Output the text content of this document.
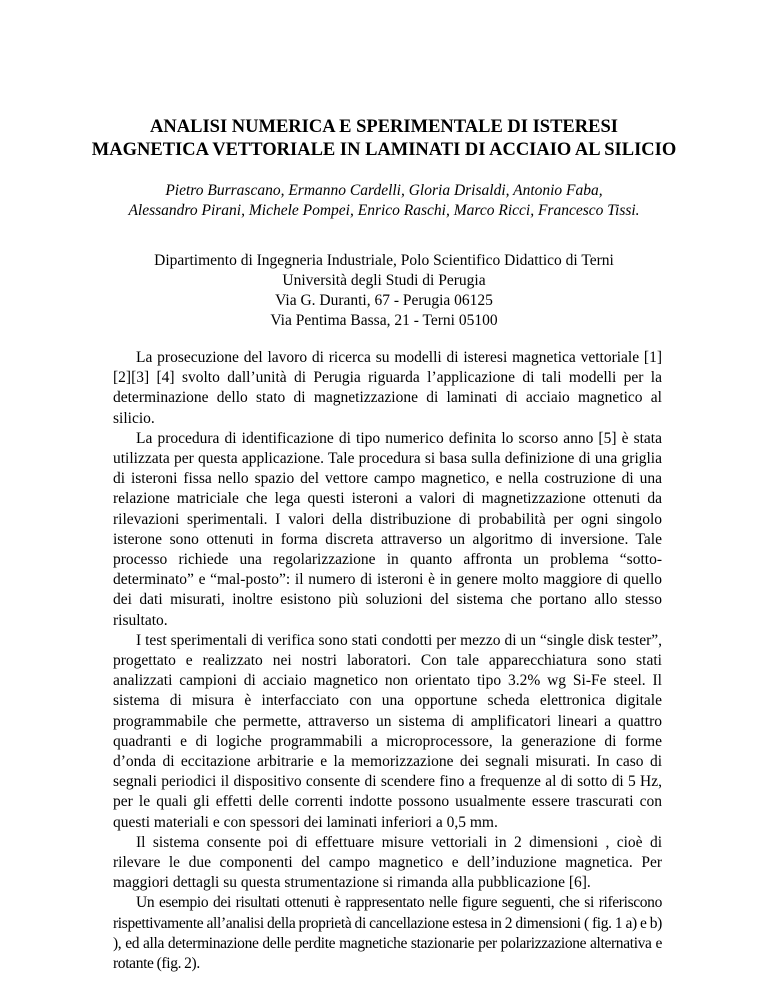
ANALISI NUMERICA E SPERIMENTALE DI ISTERESI
MAGNETICA VETTORIALE IN LAMINATI DI ACCIAIO AL SILICIO
Pietro Burrascano, Ermanno Cardelli, Gloria Drisaldi, Antonio Faba,
Alessandro Pirani, Michele Pompei, Enrico Raschi, Marco Ricci, Francesco Tissi.
Dipartimento di Ingegneria Industriale, Polo Scientifico Didattico di Terni
Università degli Studi di Perugia
Via G. Duranti, 67 - Perugia 06125
Via Pentima Bassa, 21 - Terni 05100

La prosecuzione del lavoro di ricerca su modelli di isteresi magnetica vettoriale [1][2][3] [4] svolto dall’unità di Perugia riguarda l’applicazione di tali modelli per la determinazione dello stato di magnetizzazione di laminati di acciaio magnetico al silicio.

La procedura di identificazione di tipo numerico definita lo scorso anno [5] è stata utilizzata per questa applicazione. Tale procedura si basa sulla definizione di una griglia di isteroni fissa nello spazio del vettore campo magnetico, e nella costruzione di una relazione matriciale che lega questi isteroni a valori di magnetizzazione ottenuti da rilevazioni sperimentali. I valori della distribuzione di probabilità per ogni singolo isterone sono ottenuti in forma discreta attraverso un algoritmo di inversione. Tale processo richiede una regolarizzazione in quanto affronta un problema “sotto-determinato” e “mal-posto”: il numero di isteroni è in genere molto maggiore di quello dei dati misurati, inoltre esistono più soluzioni del sistema che portano allo stesso risultato.

I test sperimentali di verifica sono stati condotti per mezzo di un “single disk tester”, progettato e realizzato nei nostri laboratori. Con tale apparecchiatura sono stati analizzati campioni di acciaio magnetico non orientato tipo 3.2% wg Si-Fe steel. Il sistema di misura è interfacciato con una opportune scheda elettronica digitale programmabile che permette, attraverso un sistema di amplificatori lineari a quattro quadranti e di logiche programmabili a microprocessore, la generazione di forme d’onda di eccitazione arbitrarie e la memorizzazione dei segnali misurati. In caso di segnali periodici il dispositivo consente di scendere fino a frequenze al di sotto di 5 Hz, per le quali gli effetti delle correnti indotte possono usualmente essere trascurati con questi materiali e con spessori dei laminati inferiori a 0,5 mm.

Il sistema consente poi di effettuare misure vettoriali in 2 dimensioni , cioè di rilevare le due componenti del campo magnetico e dell’induzione magnetica. Per maggiori dettagli su questa strumentazione si rimanda alla pubblicazione [6].

Un esempio dei risultati ottenuti è rappresentato nelle figure seguenti, che si riferiscono rispettivamente all’analisi della proprietà di cancellazione estesa in 2 dimensioni ( fig. 1 a) e b) ), ed alla determinazione delle perdite magnetiche stazionarie per polarizzazione alternativa e rotante (fig. 2).
